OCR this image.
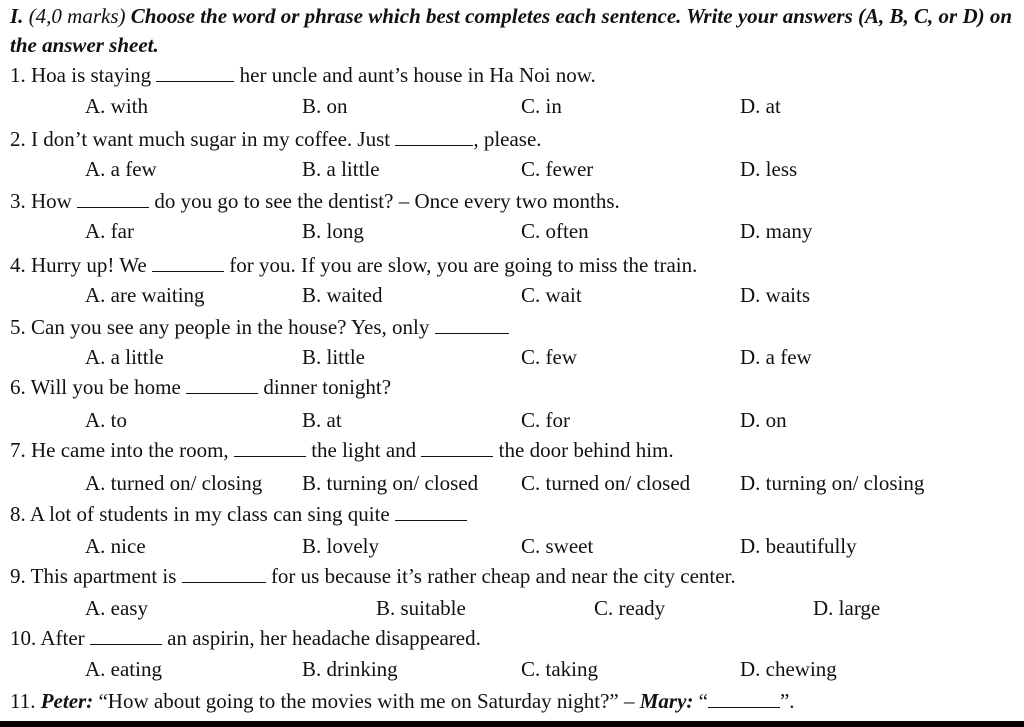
I. (4,0 marks) Choose the word or phrase which best completes each sentence. Write your answers (A, B, C, or D) on the answer sheet.
1. Hoa is staying	her uncle and aunt’s house in Ha Noi now.
A. with	B. on	C. in	D. at
2. I don’t want much sugar in my coffee. Just	, please.
A. a few	B. a little	C. fewer	D. less
3. How	do you go to see the dentist? – Once every two months.
A. far	B. long	C. often	D. many
4. Hurry up! We	for you. If you are slow, you are going to miss the train.
A. are waiting	B. waited	C. wait	D. waits
5. Can you see any people in the house? Yes, only
A. a little	B. little	C. few	D. a few
6. Will you be home	dinner tonight?
A. to	B. at	C. for	D. on
7. He came into the room,	the light and	the door behind him.
A. turned on/ closing B. turning on/ closed C. turned on/ closed D. turning on/ closing
8. A lot of students in my class can sing quite
A. nice	B. lovely	C. sweet	D. beautifully
9. This apartment is	for us because it’s rather cheap and near the city center.
A. easy	B. suitable	C. ready	D. large
10. After	an aspirin, her headache disappeared.
A. eating	B. drinking	C. taking	D. chewing
11. Peter: “How about going to the movies with me on Saturday night?” – Mary: “	”.
